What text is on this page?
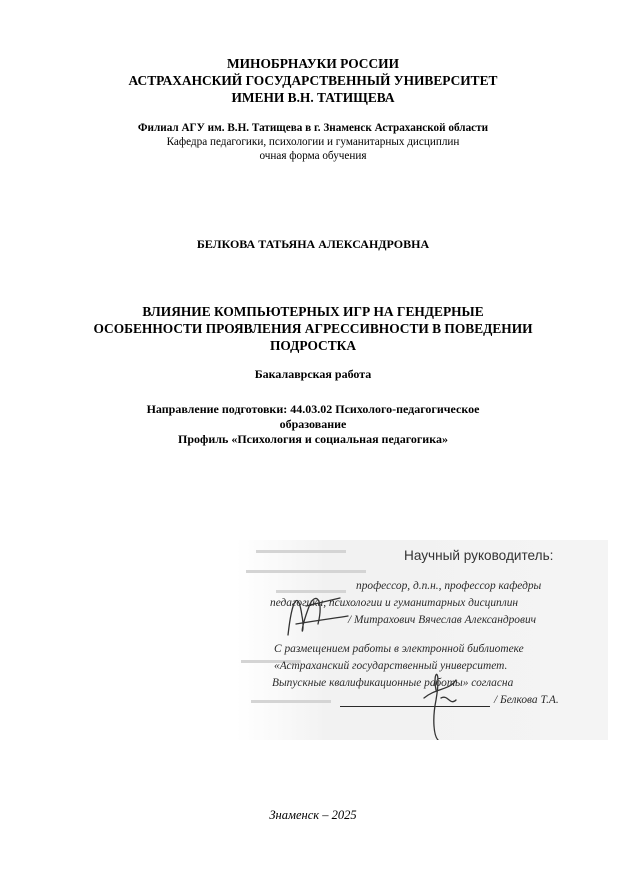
МИНОБРНАУКИ РОССИИ
АСТРАХАНСКИЙ ГОСУДАРСТВЕННЫЙ УНИВЕРСИТЕТ
ИМЕНИ В.Н. ТАТИЩЕВА
Филиал АГУ им. В.Н. Татищева в г. Знаменск Астраханской области
Кафедра педагогики, психологии и гуманитарных дисциплин
очная форма обучения
БЕЛКОВА ТАТЬЯНА АЛЕКСАНДРОВНА
ВЛИЯНИЕ КОМПЬЮТЕРНЫХ ИГР НА ГЕНДЕРНЫЕ
ОСОБЕННОСТИ ПРОЯВЛЕНИЯ АГРЕССИВНОСТИ В ПОВЕДЕНИИ
ПОДРОСТКА
Бакалаврская работа
Направление подготовки: 44.03.02 Психолого-педагогическое
образование
Профиль «Психология и социальная педагогика»
Научный руководитель:
профессор, д.п.н., профессор кафедры
педагогики, психологии и гуманитарных дисциплин
/ Митрахович Вячеслав Александрович
С размещением работы в электронной библиотеке
«Астраханский государственный университет.
Выпускные квалификационные работы» согласна
/ Белкова Т.А.
Знаменск – 2025
